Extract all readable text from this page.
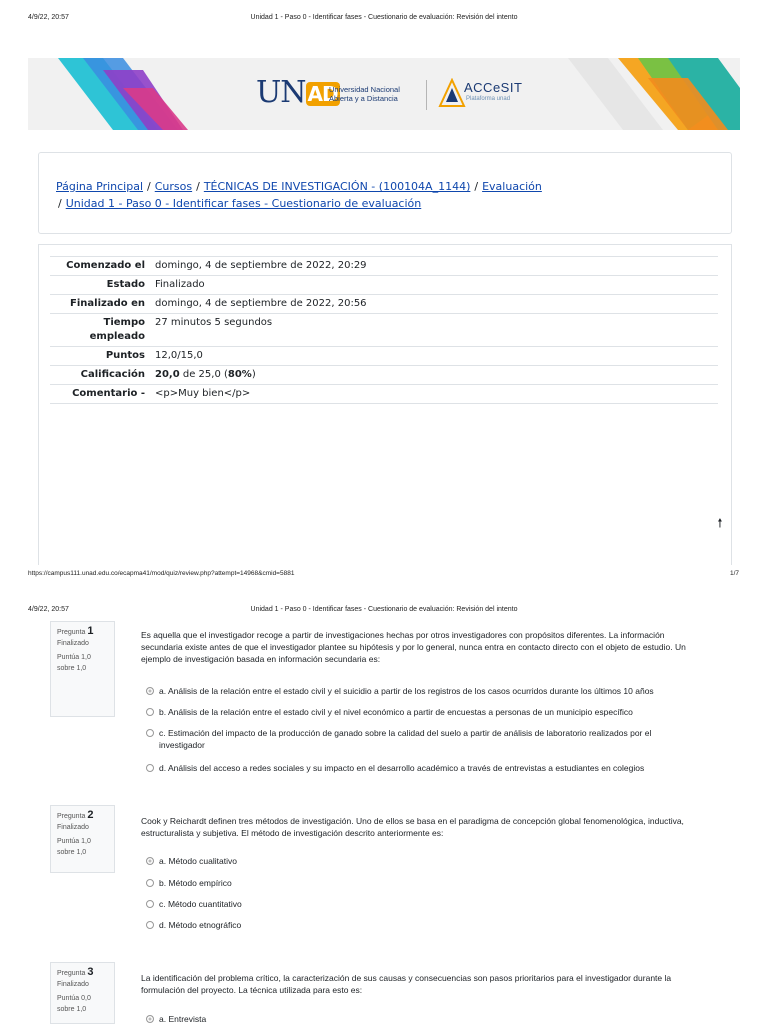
4/9/22, 20:57	Unidad 1 - Paso 0 - Identificar fases - Cuestionario de evaluación: Revisión del intento
UN AD
Universidad Nacional
Abierta y a Distancia
ACCeSIT
Plataforma unad
Página Principal / Cursos / TÉCNICAS DE INVESTIGACIÓN - (100104A_1144) / Evaluación
/ Unidad 1 - Paso 0 - Identificar fases - Cuestionario de evaluación
Comenzado el	domingo, 4 de septiembre de 2022, 20:29
Estado	Finalizado
Finalizado en	domingo, 4 de septiembre de 2022, 20:56
Tiempo empleado	27 minutos 5 segundos
Puntos	12,0/15,0
Calificación	20,0 de 25,0 (80%)
Comentario -	<p>Muy bien</p>
🠕
https://campus111.unad.edu.co/ecapma41/mod/quiz/review.php?attempt=14968&cmid=5881	1/7
4/9/22, 20:57	Unidad 1 - Paso 0 - Identificar fases - Cuestionario de evaluación: Revisión del intento
Pregunta 1
Finalizado
Puntúa 1,0 sobre 1,0
Es aquella que el investigador recoge a partir de investigaciones hechas por otros investigadores con propósitos diferentes. La información secundaria existe antes de que el investigador plantee su hipótesis y por lo general, nunca entra en contacto directo con el objeto de estudio. Un ejemplo de investigación basada en información secundaria es:
a. Análisis de la relación entre el estado civil y el suicidio a partir de los registros de los casos ocurridos durante los últimos 10 años
b. Análisis de la relación entre el estado civil y el nivel económico a partir de encuestas a personas de un municipio específico
c. Estimación del impacto de la producción de ganado sobre la calidad del suelo a partir de análisis de laboratorio realizados por el investigador
d. Análisis del acceso a redes sociales y su impacto en el desarrollo académico a través de entrevistas a estudiantes en colegios
Pregunta 2
Finalizado
Puntúa 1,0 sobre 1,0
Cook y Reichardt definen tres métodos de investigación. Uno de ellos se basa en el paradigma de concepción global fenomenológica, inductiva, estructuralista y subjetiva. El método de investigación descrito anteriormente es:
a. Método cualitativo
b. Método empírico
c. Método cuantitativo
d. Método etnográfico
Pregunta 3
Finalizado
Puntúa 0,0 sobre 1,0
La identificación del problema crítico, la caracterización de sus causas y consecuencias son pasos prioritarios para el investigador durante la formulación del proyecto. La técnica utilizada para esto es:
a. Entrevista
